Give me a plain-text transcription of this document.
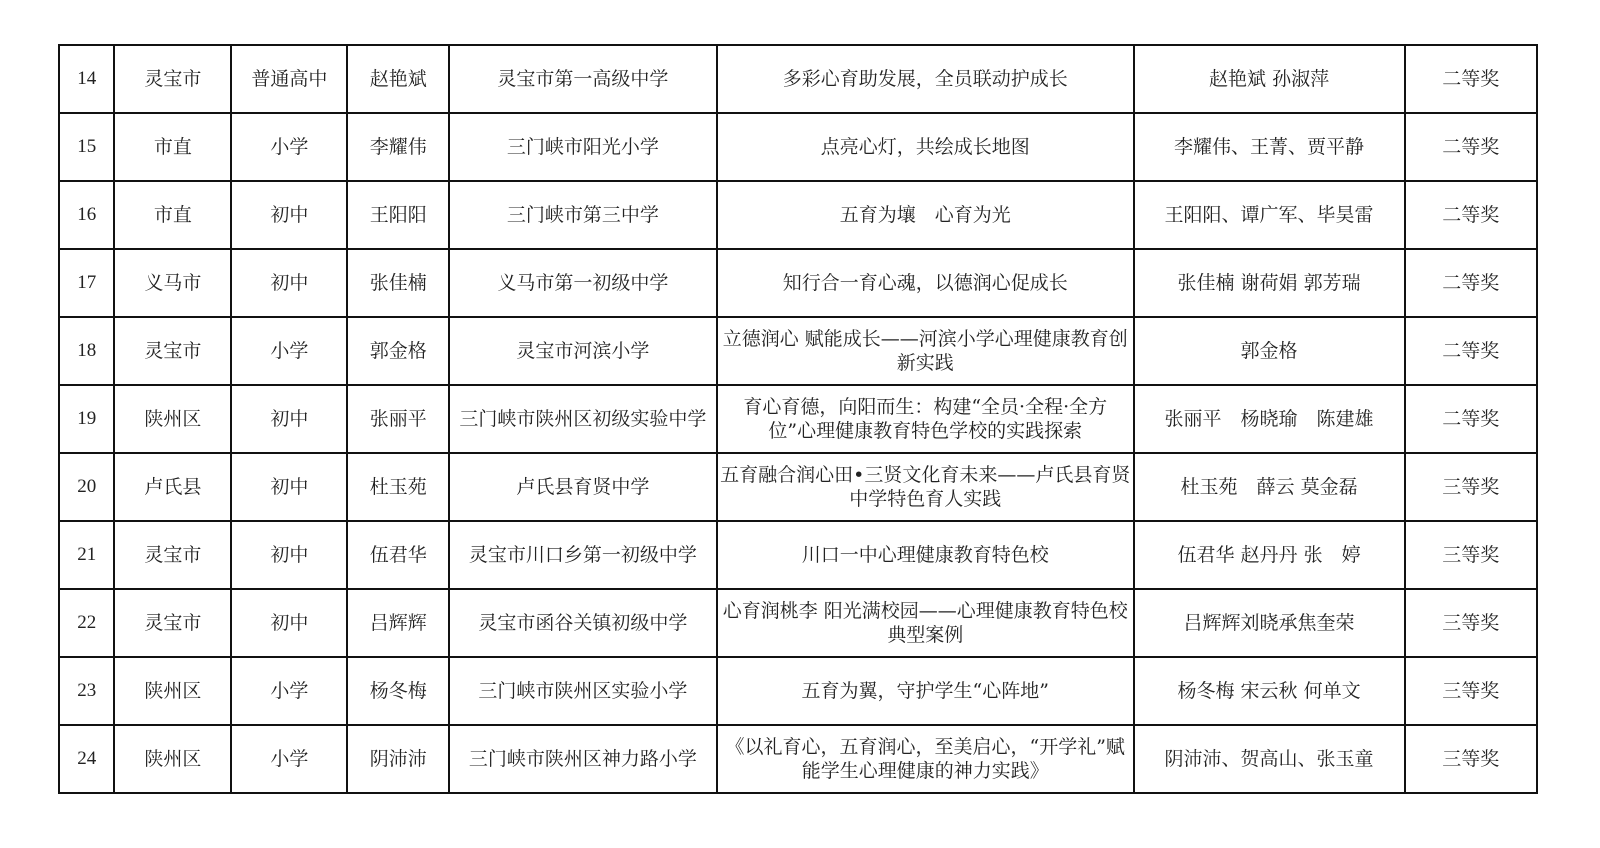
14	灵宝市	普通高中	赵艳斌	灵宝市第一高级中学	多彩心育助发展，全员联动护成长	赵艳斌 孙淑萍	二等奖
15	市直	小学	李耀伟	三门峡市阳光小学	点亮心灯，共绘成长地图	李耀伟、王菁、贾平静	二等奖
16	市直	初中	王阳阳	三门峡市第三中学	五育为壤　心育为光	王阳阳、谭广军、毕昊雷	二等奖
17	义马市	初中	张佳楠	义马市第一初级中学	知行合一育心魂，以德润心促成长	张佳楠 谢荷娟 郭芳瑞	二等奖
18	灵宝市	小学	郭金格	灵宝市河滨小学	立德润心 赋能成长——河滨小学心理健康教育创新实践	郭金格	二等奖
19	陕州区	初中	张丽平	三门峡市陕州区初级实验中学	育心育德，向阳而生：构建“全员·全程·全方位”心理健康教育特色学校的实践探索	张丽平　杨晓瑜　陈建雄	二等奖
20	卢氏县	初中	杜玉苑	卢氏县育贤中学	五育融合润心田•三贤文化育未来——卢氏县育贤中学特色育人实践	杜玉苑　薛云 莫金磊	三等奖
21	灵宝市	初中	伍君华	灵宝市川口乡第一初级中学	川口一中心理健康教育特色校	伍君华 赵丹丹 张　婷	三等奖
22	灵宝市	初中	吕辉辉	灵宝市函谷关镇初级中学	心育润桃李 阳光满校园——心理健康教育特色校典型案例	吕辉辉刘晓承焦奎荣	三等奖
23	陕州区	小学	杨冬梅	三门峡市陕州区实验小学	五育为翼，守护学生“心阵地”	杨冬梅 宋云秋 何单文	三等奖
24	陕州区	小学	阴沛沛	三门峡市陕州区神力路小学	《以礼育心，五育润心，至美启心，“开学礼”赋能学生心理健康的神力实践》	阴沛沛、贺高山、张玉童	三等奖
